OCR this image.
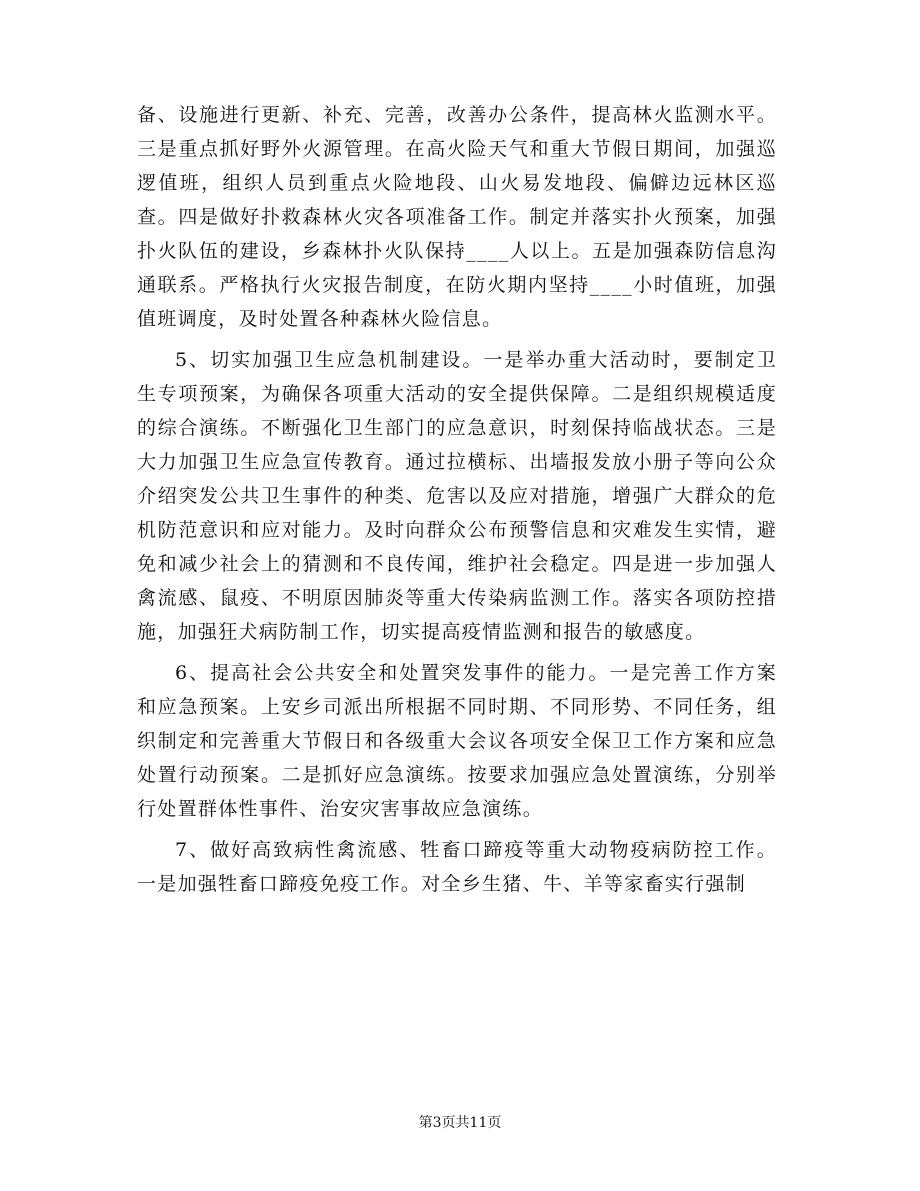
备、设施进行更新、补充、完善，改善办公条件，提高林火监测水平。三是重点抓好野外火源管理。在高火险天气和重大节假日期间，加强巡逻值班，组织人员到重点火险地段、山火易发地段、偏僻边远林区巡查。四是做好扑救森林火灾各项准备工作。制定并落实扑火预案，加强扑火队伍的建设，乡森林扑火队保持____人以上。五是加强森防信息沟通联系。严格执行火灾报告制度，在防火期内坚持____小时值班，加强值班调度，及时处置各种森林火险信息。

5、切实加强卫生应急机制建设。一是举办重大活动时，要制定卫生专项预案，为确保各项重大活动的安全提供保障。二是组织规模适度的综合演练。不断强化卫生部门的应急意识，时刻保持临战状态。三是大力加强卫生应急宣传教育。通过拉横标、出墙报发放小册子等向公众介绍突发公共卫生事件的种类、危害以及应对措施，增强广大群众的危机防范意识和应对能力。及时向群众公布预警信息和灾难发生实情，避免和减少社会上的猜测和不良传闻，维护社会稳定。四是进一步加强人禽流感、鼠疫、不明原因肺炎等重大传染病监测工作。落实各项防控措施，加强狂犬病防制工作，切实提高疫情监测和报告的敏感度。

6、提高社会公共安全和处置突发事件的能力。一是完善工作方案和应急预案。上安乡司派出所根据不同时期、不同形势、不同任务，组织制定和完善重大节假日和各级重大会议各项安全保卫工作方案和应急处置行动预案。二是抓好应急演练。按要求加强应急处置演练，分别举行处置群体性事件、治安灾害事故应急演练。

7、做好高致病性禽流感、牲畜口蹄疫等重大动物疫病防控工作。一是加强牲畜口蹄疫免疫工作。对全乡生猪、牛、羊等家畜实行强制

第3页共11页
